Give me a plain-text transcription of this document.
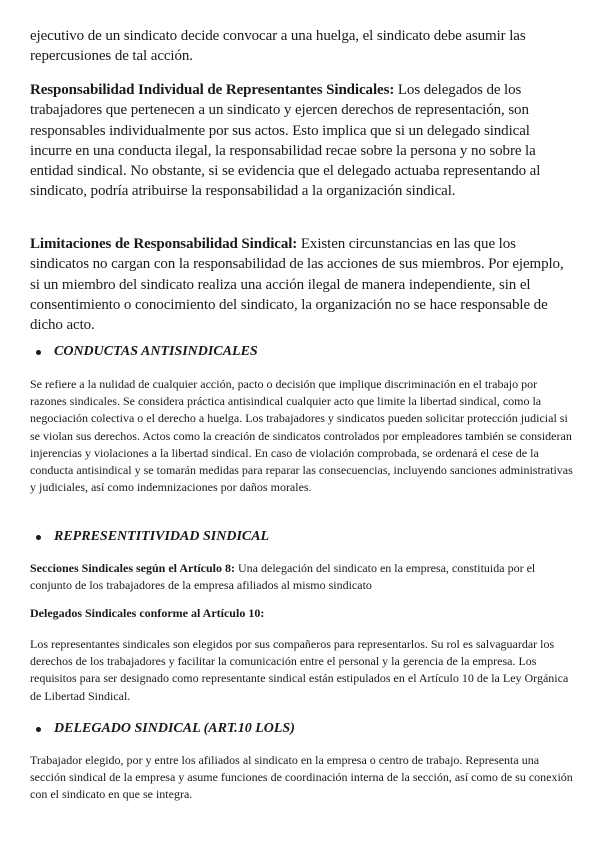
ejecutivo de un sindicato decide convocar a una huelga, el sindicato debe asumir las repercusiones de tal acción.

Responsabilidad Individual de Representantes Sindicales: Los delegados de los trabajadores que pertenecen a un sindicato y ejercen derechos de representación, son responsables individualmente por sus actos. Esto implica que si un delegado sindical incurre en una conducta ilegal, la responsabilidad recae sobre la persona y no sobre la entidad sindical. No obstante, si se evidencia que el delegado actuaba representando al sindicato, podría atribuirse la responsabilidad a la organización sindical.

Limitaciones de Responsabilidad Sindical: Existen circunstancias en las que los sindicatos no cargan con la responsabilidad de las acciones de sus miembros. Por ejemplo, si un miembro del sindicato realiza una acción ilegal de manera independiente, sin el consentimiento o conocimiento del sindicato, la organización no se hace responsable de dicho acto.

CONDUCTAS ANTISINDICALES

Se refiere a la nulidad de cualquier acción, pacto o decisión que implique discriminación en el trabajo por razones sindicales. Se considera práctica antisindical cualquier acto que limite la libertad sindical, como la negociación colectiva o el derecho a huelga. Los trabajadores y sindicatos pueden solicitar protección judicial si se violan sus derechos. Actos como la creación de sindicatos controlados por empleadores también se consideran injerencias y violaciones a la libertad sindical. En caso de violación comprobada, se ordenará el cese de la conducta antisindical y se tomarán medidas para reparar las consecuencias, incluyendo sanciones administrativas y judiciales, así como indemnizaciones por daños morales.

REPRESENTITIVIDAD SINDICAL

Secciones Sindicales según el Artículo 8: Una delegación del sindicato en la empresa, constituida por el conjunto de los trabajadores de la empresa afiliados al mismo sindicato

Delegados Sindicales conforme al Artículo 10:

Los representantes sindicales son elegidos por sus compañeros para representarlos. Su rol es salvaguardar los derechos de los trabajadores y facilitar la comunicación entre el personal y la gerencia de la empresa. Los requisitos para ser designado como representante sindical están estipulados en el Artículo 10 de la Ley Orgánica de Libertad Sindical.

DELEGADO SINDICAL (ART.10 LOLS)

Trabajador elegido, por y entre los afiliados al sindicato en la empresa o centro de trabajo. Representa una sección sindical de la empresa y asume funciones de coordinación interna de la sección, así como de su conexión con el sindicato en que se integra.
